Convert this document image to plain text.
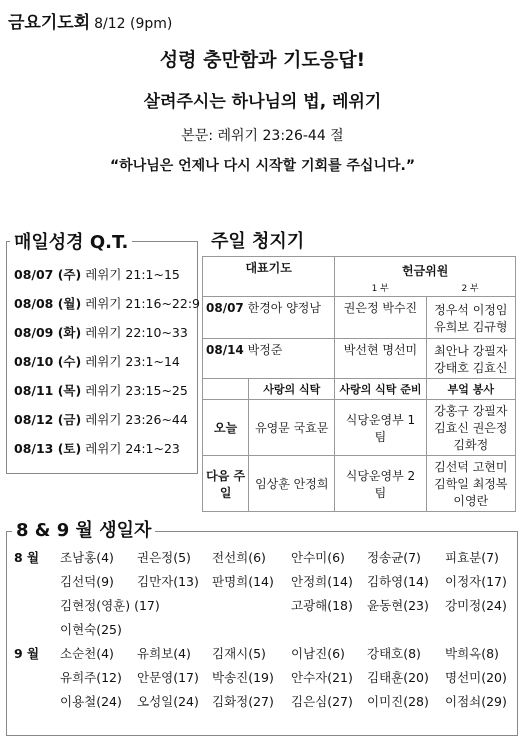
금요기도회 8/12 (9pm)
성령 충만함과 기도응답!
살려주시는 하나님의 법, 레위기
본문: 레위기 23:26-44 절
“하나님은 언제나 다시 시작할 기회를 주십니다.”
매일성경 Q.T.
08/07 (주) 레위기 21:1~15
08/08 (월) 레위기 21:16~22:9
08/09 (화) 레위기 22:10~33
08/10 (수) 레위기 23:1~14
08/11 (목) 레위기 23:15~25
08/12 (금) 레위기 23:26~44
08/13 (토) 레위기 24:1~23
주일 청지기
대표기도		헌금위원
1 부 2 부	

08/07 한경아 양정남		권은정 박수진	정우석 이정임 유희보 김규형
08/14 박정준		박선현 명선미	최안나 강필자 강태호 김효신
	사랑의 식탁	사랑의 식탁 준비	부엌 봉사
오늘	유영문 국효문	식당운영부 1 팀	강홍구 강필자 김효신 권은정 김화정
다음 주일	임상훈 안정희	식당운영부 2 팀	김선덕 고현미 김학일 최정복 이영란
8 & 9 월 생일자
8 월
9 월
조남홍(4) 권은정(5) 전선희(6) 안수미(6) 정송균(7) 피효분(7)
김선덕(9) 김만자(13) 판명희(14) 안정희(14) 김하영(14) 이정자(17)
김현정(영훈) (17)	고광해(18) 윤동현(23) 강미정(24)
이현숙(25)
소순천(4) 유희보(4) 김재시(5) 이남진(6) 강태호(8) 박희옥(8)
유희주(12) 안문영(17) 박송진(19) 안수자(21) 김태훈(20) 명선미(20)
이용철(24) 오성일(24) 김화정(27) 김은심(27) 이미진(28) 이점쇠(29)
